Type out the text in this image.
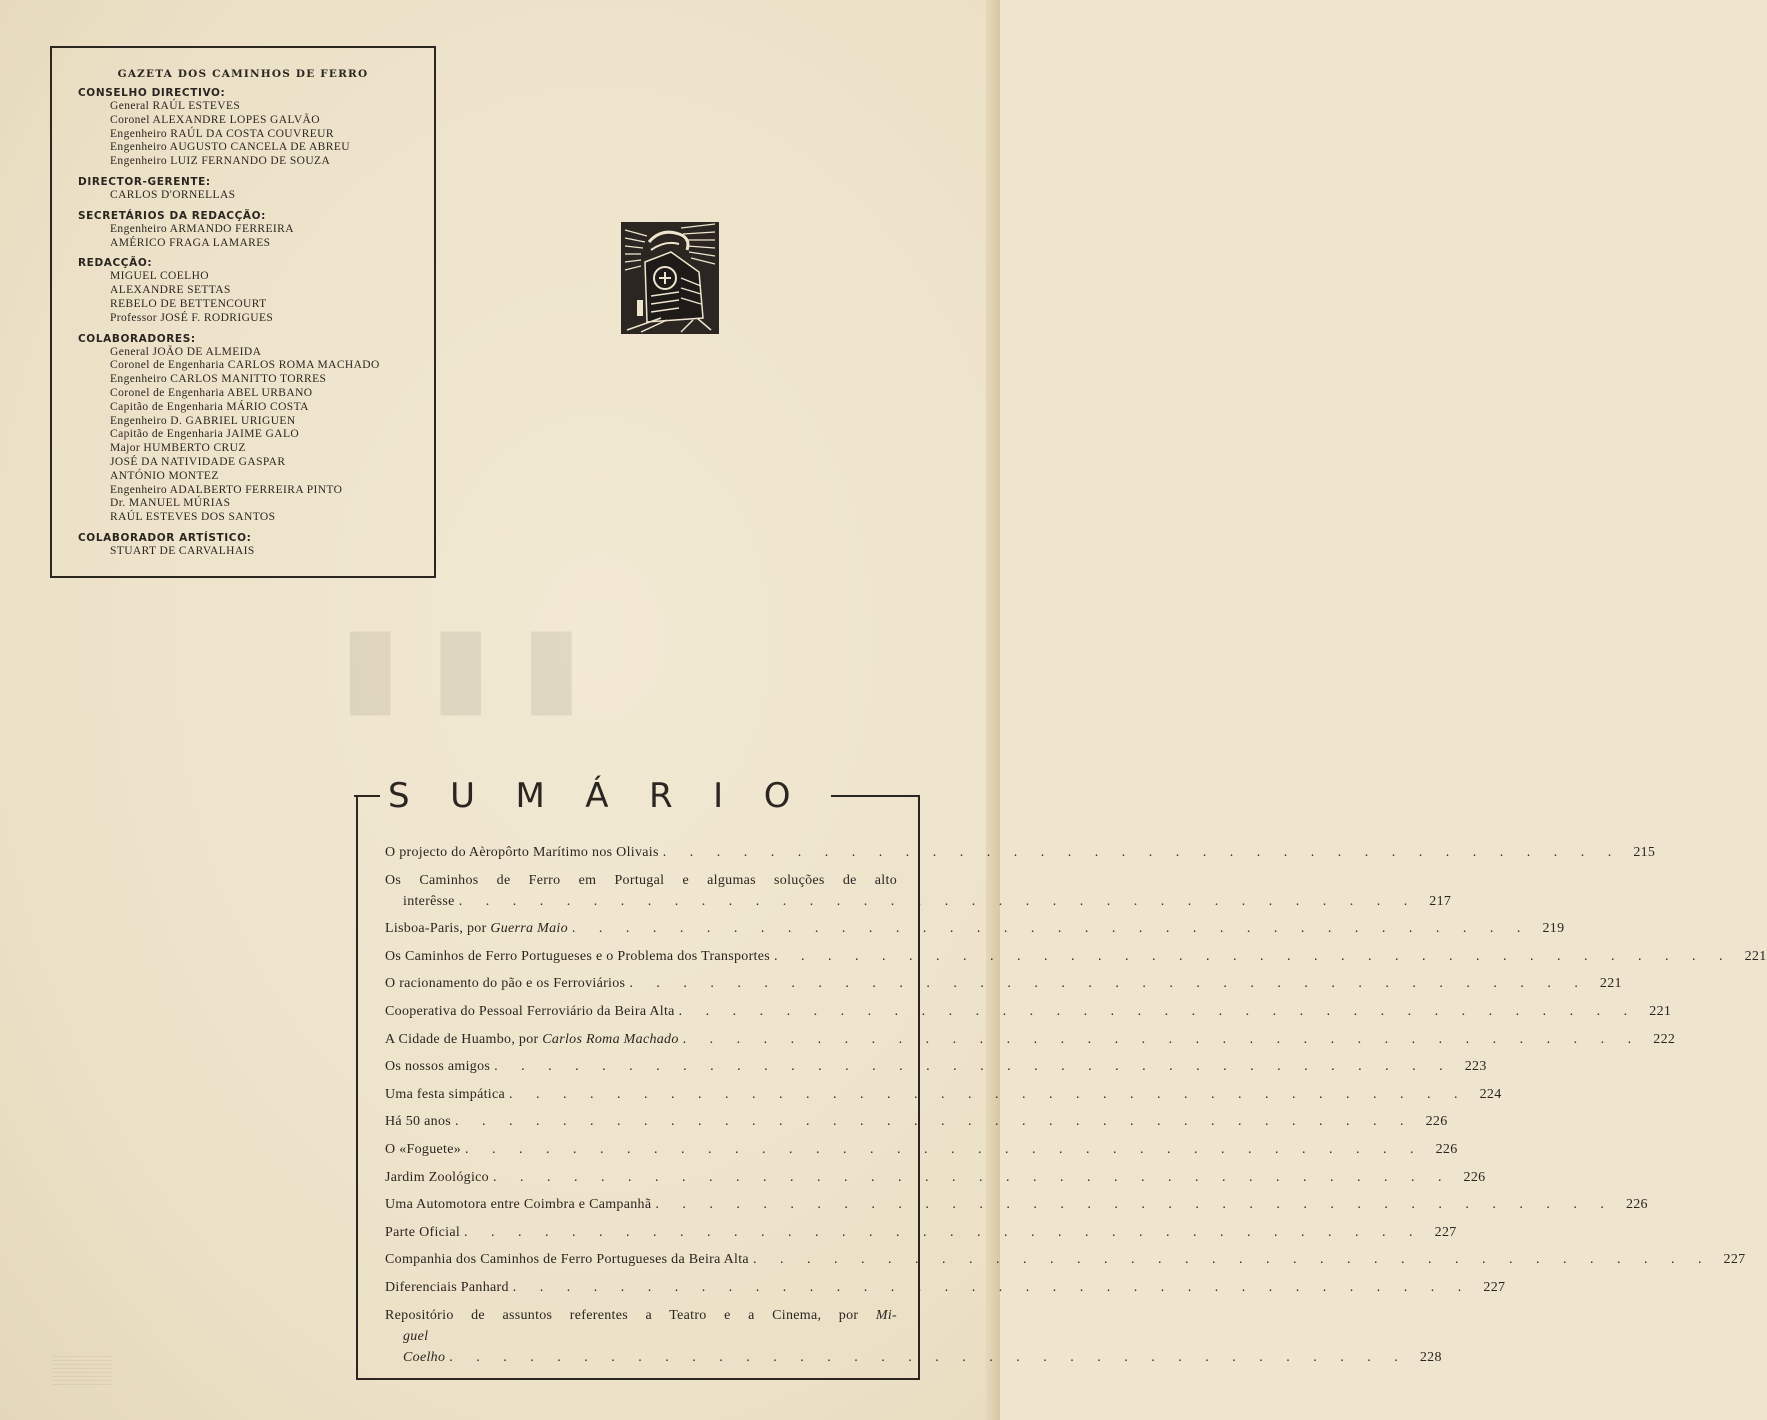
GAZETA DOS CAMINHOS DE FERRO
CONSELHO DIRECTIVO:
General RAÚL ESTEVES
Coronel ALEXANDRE LOPES GALVÃO
Engenheiro RAÚL DA COSTA COUVREUR
Engenheiro AUGUSTO CANCELA DE ABREU
Engenheiro LUIZ FERNANDO DE SOUZA
DIRECTOR-GERENTE:
CARLOS D'ORNELLAS
SECRETÁRIOS DA REDACÇÃO:
Engenheiro ARMANDO FERREIRA
AMÉRICO FRAGA LAMARES
REDACÇÃO:
MIGUEL COELHO
ALEXANDRE SETTAS
REBELO DE BETTENCOURT
Professor JOSÉ F. RODRIGUES
COLABORADORES:
General JOÃO DE ALMEIDA
Coronel de Engenharia CARLOS ROMA MACHADO
Engenheiro CARLOS MANITTO TORRES
Coronel de Engenharia ABEL URBANO
Capitão de Engenharia MÁRIO COSTA
Engenheiro D. GABRIEL URIGUEN
Capitão de Engenharia JAIME GALO
Major HUMBERTO CRUZ
JOSÉ DA NATIVIDADE GASPAR
ANTÓNIO MONTEZ
Engenheiro ADALBERTO FERREIRA PINTO
Dr. MANUEL MÚRIAS
RAÚL ESTEVES DOS SANTOS
COLABORADOR ARTÍSTICO:
STUART DE CARVALHAIS
▮▮▮
SUMÁRIO
O projecto do Aèropôrto Marítimo nos Olivais . . . . . . . . . . . . . . . . . . . . . . . . . . . . . . . . . . . . 215
Os Caminhos de Ferro em Portugal e algumas soluções de alto
interêsse . . . . . . . . . . . . . . . . . . . . . . . . . . . . . . . . . . . . 217
Lisboa-Paris, por Guerra Maio . . . . . . . . . . . . . . . . . . . . . . . . . . . . . . . . . . . . 219
Os Caminhos de Ferro Portugueses e o Problema dos Transportes . . . . . . . . . . . . . . . . . . . . . . . . . . . . . . . . . . . . 221
O racionamento do pão e os Ferroviários . . . . . . . . . . . . . . . . . . . . . . . . . . . . . . . . . . . . 221
Cooperativa do Pessoal Ferroviário da Beira Alta . . . . . . . . . . . . . . . . . . . . . . . . . . . . . . . . . . . . 221
A Cidade de Huambo, por Carlos Roma Machado . . . . . . . . . . . . . . . . . . . . . . . . . . . . . . . . . . . . 222
Os nossos amigos . . . . . . . . . . . . . . . . . . . . . . . . . . . . . . . . . . . . 223
Uma festa simpática . . . . . . . . . . . . . . . . . . . . . . . . . . . . . . . . . . . . 224
Há 50 anos . . . . . . . . . . . . . . . . . . . . . . . . . . . . . . . . . . . . 226
O «Foguete» . . . . . . . . . . . . . . . . . . . . . . . . . . . . . . . . . . . . 226
Jardim Zoológico . . . . . . . . . . . . . . . . . . . . . . . . . . . . . . . . . . . . 226
Uma Automotora entre Coimbra e Campanhã . . . . . . . . . . . . . . . . . . . . . . . . . . . . . . . . . . . . 226
Parte Oficial . . . . . . . . . . . . . . . . . . . . . . . . . . . . . . . . . . . . 227
Companhia dos Caminhos de Ferro Portugueses da Beira Alta . . . . . . . . . . . . . . . . . . . . . . . . . . . . . . . . . . . . 227
Diferenciais Panhard . . . . . . . . . . . . . . . . . . . . . . . . . . . . . . . . . . . . 227
Repositório de assuntos referentes a Teatro e a Cinema, por Mi-
guel Coelho . . . . . . . . . . . . . . . . . . . . . . . . . . . . . . . . . . . . 228
